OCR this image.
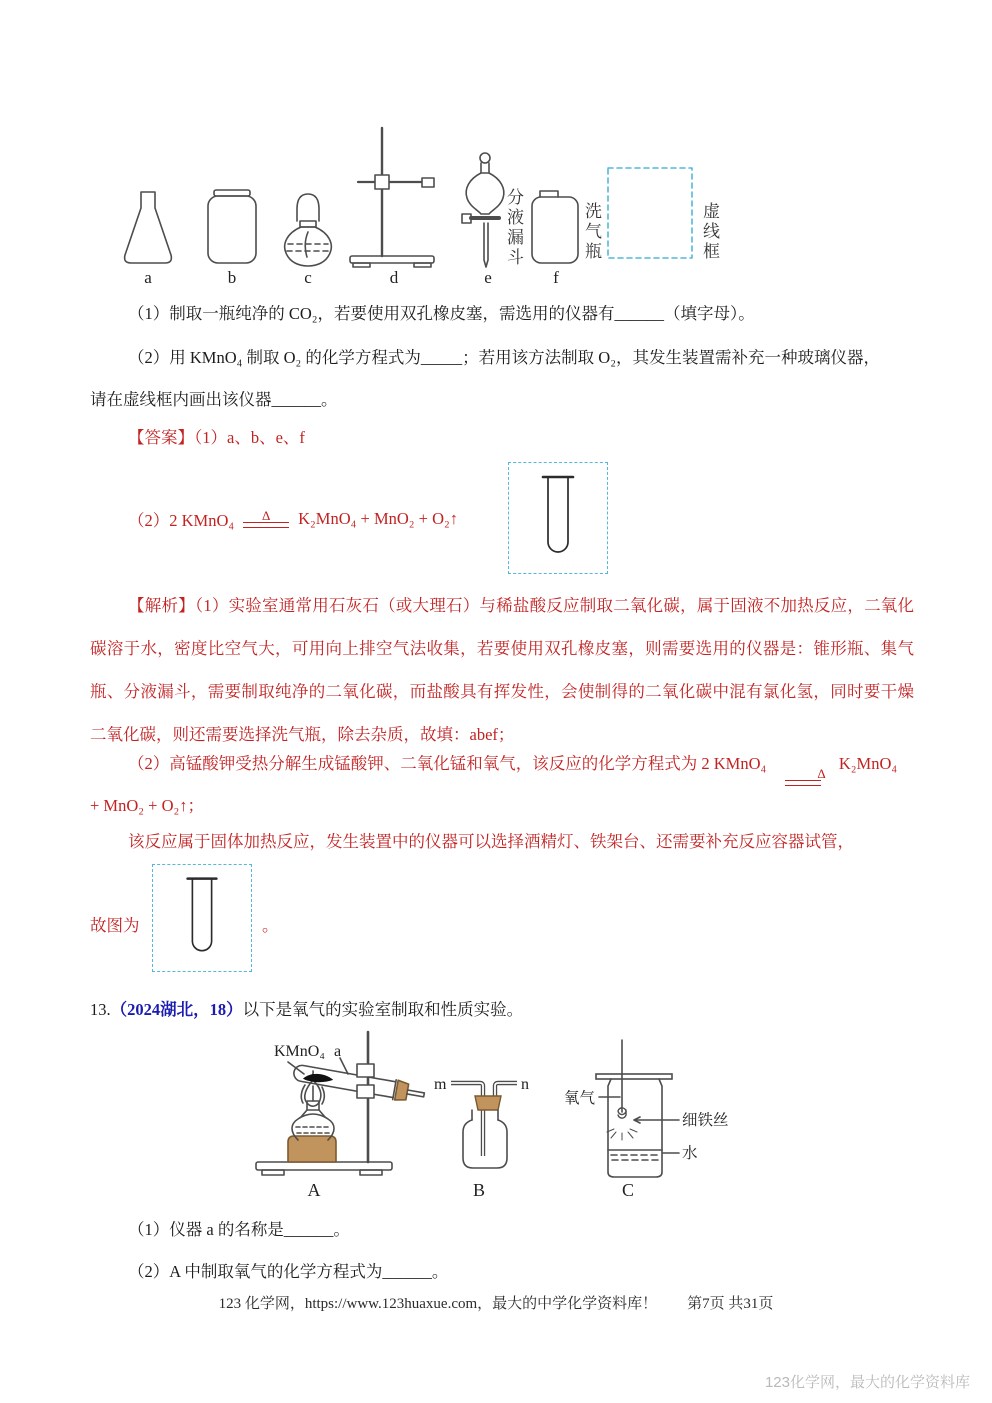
a	b	c	d	e	f
分液漏斗	洗气瓶	虚线框
（1）制取一瓶纯净的 CO₂，若要使用双孔橡皮塞，需选用的仪器有______（填字母）。
（2）用 KMnO₄ 制取 O₂ 的化学方程式为_____；若用该方法制取 O₂，其发生装置需补充一种玻璃仪器，
请在虚线框内画出该仪器______。
【答案】（1）a、b、e、f
（2）2 KMnO₄ Δ K₂MnO₄ + MnO₂ + O₂↑
【解析】（1）实验室通常用石灰石（或大理石）与稀盐酸反应制取二氧化碳，属于固液不加热反应，二氧化碳溶于水，密度比空气大，可用向上排空气法收集，若要使用双孔橡皮塞，则需要选用的仪器是：锥形瓶、集气瓶、分液漏斗，需要制取纯净的二氧化碳，而盐酸具有挥发性，会使制得的二氧化碳中混有氯化氢，同时要干燥二氧化碳，则还需要选择洗气瓶，除去杂质，故填：abef；
（2）高锰酸钾受热分解生成锰酸钾、二氧化锰和氧气，该反应的化学方程式为 2 KMnO₄
Δ
K₂MnO₄
+ MnO₂ + O₂↑；
该反应属于固体加热反应，发生装置中的仪器可以选择酒精灯、铁架台、还需要补充反应容器试管，
故图为	。
13.（2024湖北，18）以下是氧气的实验室制取和性质实验。
KMnO₄ a
m	n
氧气
细铁丝
水
A	B	C
（1）仪器 a 的名称是______。
（2）A 中制取氧气的化学方程式为______。
123 化学网，https://www.123huaxue.com，最大的中学化学资料库！ 第7页 共31页
123化学网，最大的化学资料库
